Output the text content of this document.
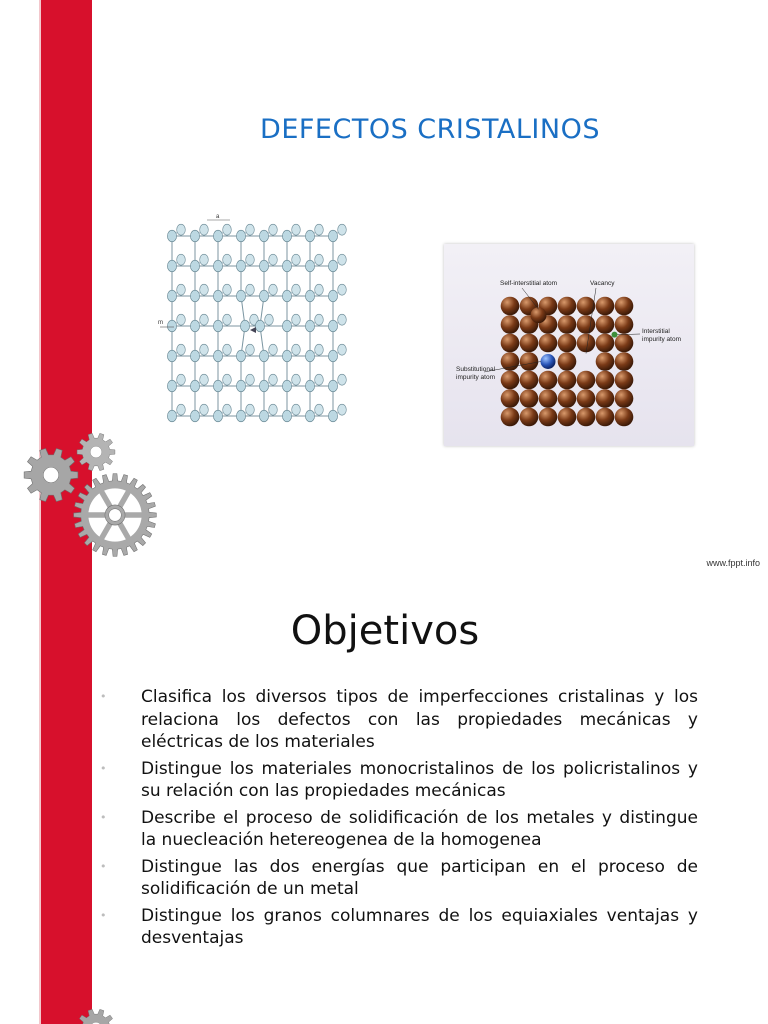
DEFECTOS CRISTALINOS
a
m
Self-interstitial atom	Vacancy
Interstitial impurity atom
Substitutional impurity atom
www.fppt.info
Objetivos
• Clasifica los diversos tipos de imperfecciones cristalinas y los relaciona los defectos con las propiedades mecánicas y eléctricas de los materiales
• Distingue los materiales monocristalinos de los policristalinos y su relación con las propiedades mecánicas
• Describe el proceso de solidificación de los metales y distingue la nuecleación hetereogenea de la homogenea
• Distingue las dos energías que participan en el proceso de solidificación de un metal
• Distingue los granos columnares de los equiaxiales ventajas y desventajas
